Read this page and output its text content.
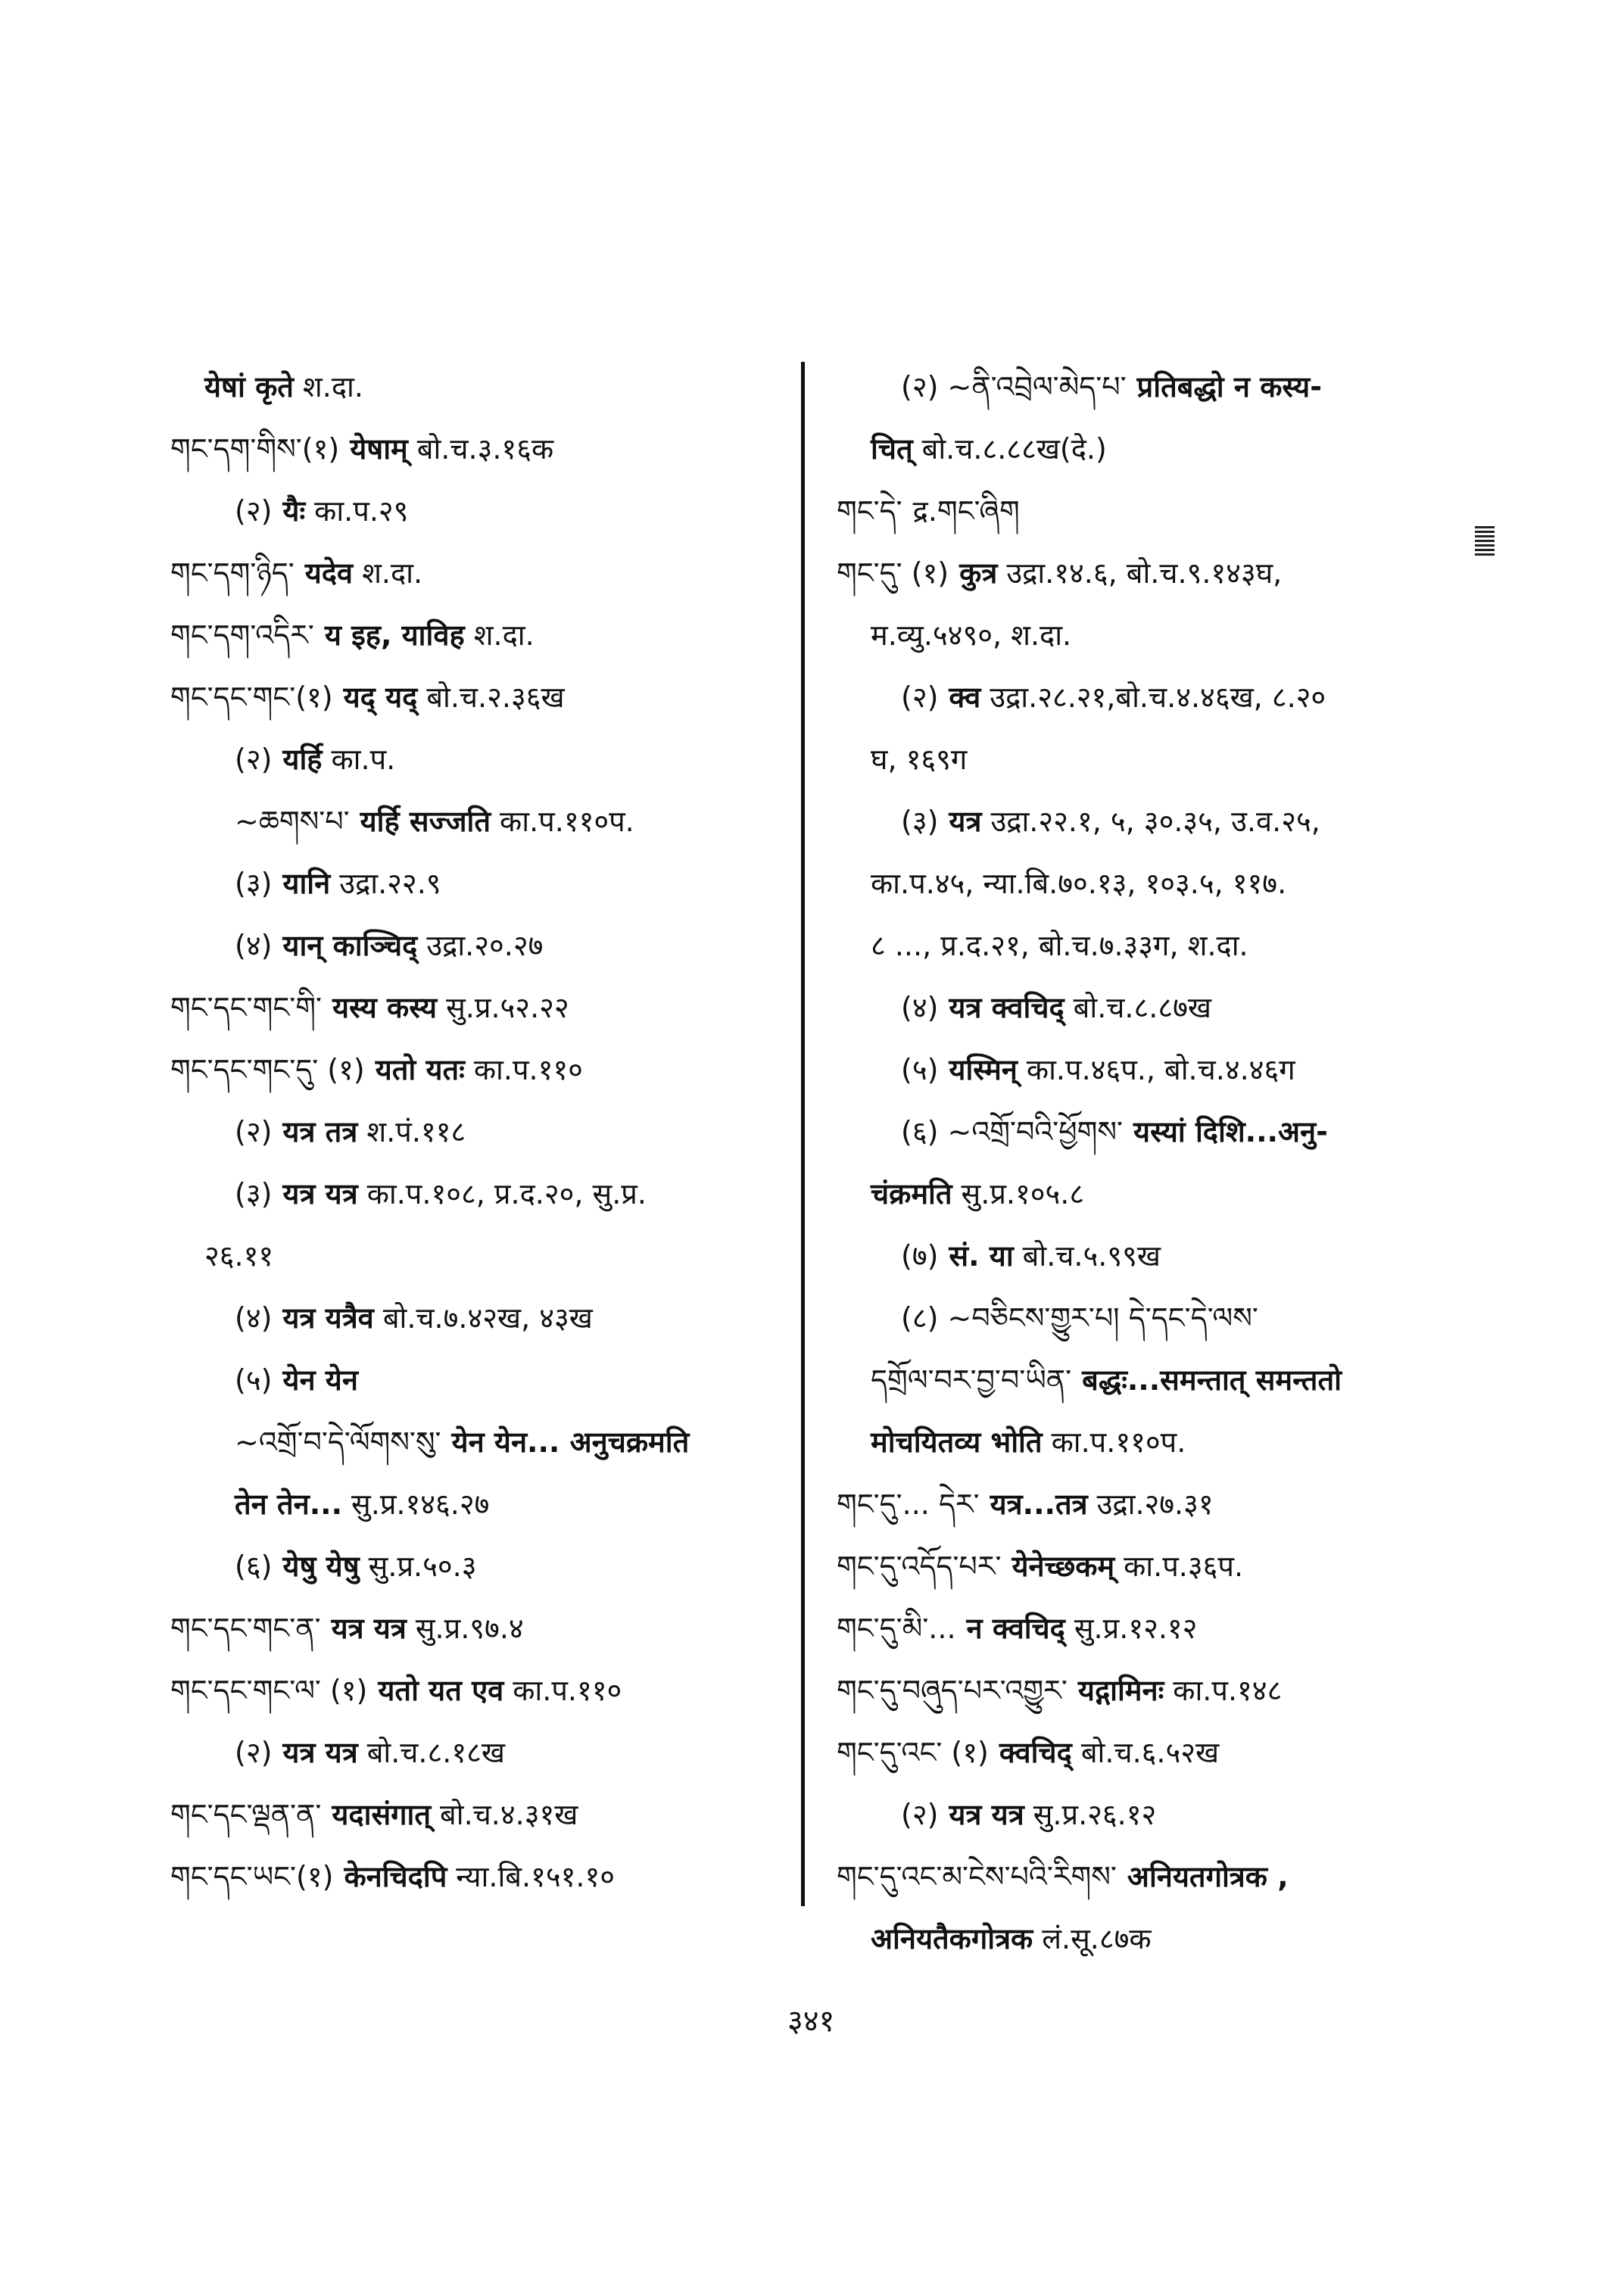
येषां कृते श.दा.
གང་དག་གིས་(१) येषाम् बो.च.३.१६क
(२) यैः का.प.२९
གང་དག་ཉིད་ यदेव श.दा.
གང་དག་འདིར་ य इह, याविह श.दा.
གང་དང་གང་(१) यद् यद् बो.च.२.३६ख
(२) यर्हि का.प.
~ཆགས་པ་ यर्हि सज्जति का.प.११०प.
(३) यानि उद्रा.२२.९
(४) यान् काञ्चिद् उद्रा.२०.२७
གང་དང་གང་གི་ यस्य कस्य सु.प्र.५२.२२
གང་དང་གང་དུ་ (१) यतो यतः का.प.११०
(२) यत्र तत्र श.पं.११८
(३) यत्र यत्र का.प.१०८, प्र.द.२०, सु.प्र.
२६.११
(४) यत्र यत्रैव बो.च.७.४२ख, ४३ख
(५) येन येन
~འགྲོ་བ་དེ་ལོགས་སུ་ येन येन... अनुचक्रमति
तेन तेन... सु.प्र.१४६.२७
(६) येषु येषु सु.प्र.५०.३
གང་དང་གང་ན་ यत्र यत्र सु.प्र.९७.४
གང་དང་གང་ལ་ (१) यतो यत एव का.प.११०
(२) यत्र यत्र बो.च.८.१८ख
གང་དང་ལྡན་ན་ यदासंगात् बो.च.४.३१ख
གང་དང་ཡང་(१) केनचिदपि न्या.बि.१५१.१०
(२) ~ནི་འབྲེལ་མེད་པ་ प्रतिबद्धो न कस्य-
चित् बो.च.८.८८ख(दे.)
གང་དེ་ द्र.གང་ཞིག
གང་དུ་ (१) कुत्र उद्रा.१४.६, बो.च.९.१४३घ,
म.व्यु.५४९०, श.दा.
(२) क्व उद्रा.२८.२१,बो.च.४.४६ख, ८.२०
घ, १६९ग
(३) यत्र उद्रा.२२.१, ५, ३०.३५, उ.व.२५,
का.प.४५, न्या.बि.७०.१३, १०३.५, ११७.
८ ..., प्र.द.२१, बो.च.७.३३ग, श.दा.
(४) यत्र क्वचिद् बो.च.८.८७ख
(५) यस्मिन् का.प.४६प., बो.च.४.४६ग
(६) ~འགྲོ་བའི་ཕྱོགས་ यस्यां दिशि...अनु-
चंक्रमति सु.प्र.१०५.८
(७) सं. या बो.च.५.९९ख
(८) ~བཅིངས་གྱུར་པ། དེ་དང་དེ་ལས་
དགྲོལ་བར་བྱ་བ་ཡིན་ बद्धः...समन्तात् समन्ततो
मोचयितव्य भोति का.प.११०प.
གང་དུ་... དེར་ यत्र...तत्र उद्रा.२७.३१
གང་དུ་འདོད་པར་ येनेच्छकम् का.प.३६प.
གང་དུ་མི་... न क्वचिद् सु.प्र.१२.१२
གང་དུ་བཞུད་པར་འགྱུར་ यद्गामिनः का.प.१४८
གང་དུ་འང་ (१) क्वचिद् बो.च.६.५२ख
(२) यत्र यत्र सु.प्र.२६.१२
གང་དུ་འང་མ་ངེས་པའི་རིགས་ अनियतगोत्रक ,
अनियतैकगोत्रक लं.सू.८७क
३४१
